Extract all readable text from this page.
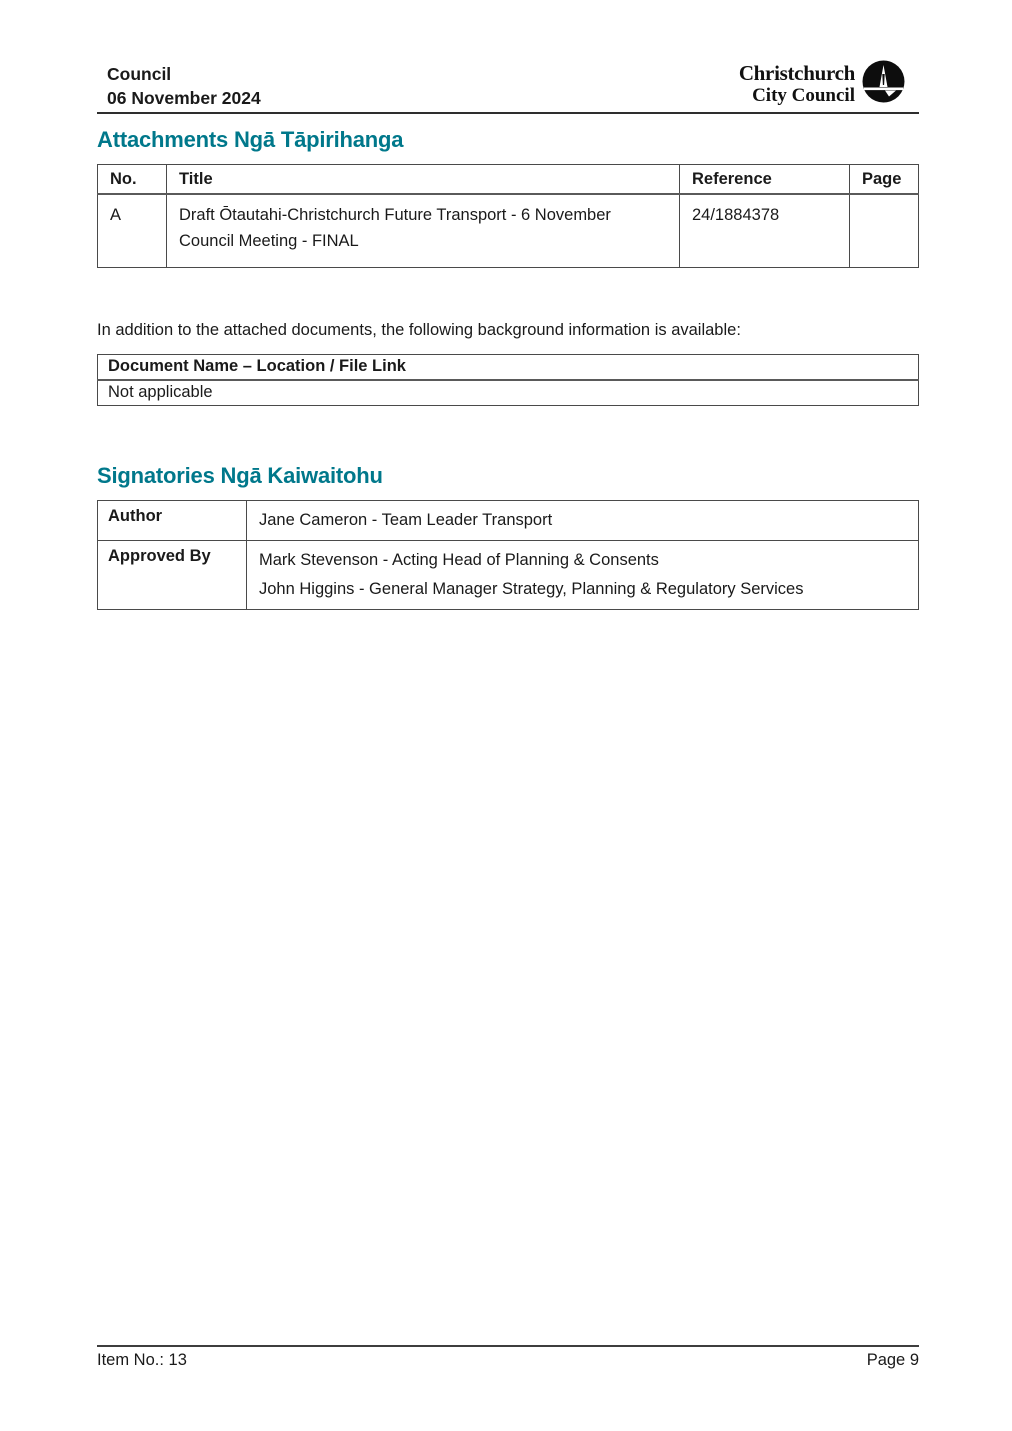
Council
06 November 2024
Christchurch
City Council
Attachments Ngā Tāpirihanga
No.	Title	Reference	Page
A	Draft Ōtautahi-Christchurch Future Transport - 6 November Council Meeting - FINAL	24/1884378	

In addition to the attached documents, the following background information is available:

Document Name – Location / File Link
Not applicable
Signatories Ngā Kaiwaitohu
Author	Jane Cameron - Team Leader Transport

Approved By	Mark Stevenson - Acting Head of Planning & Consents
John Higgins - General Manager Strategy, Planning & Regulatory Services
Item No.: 13	Page 9
